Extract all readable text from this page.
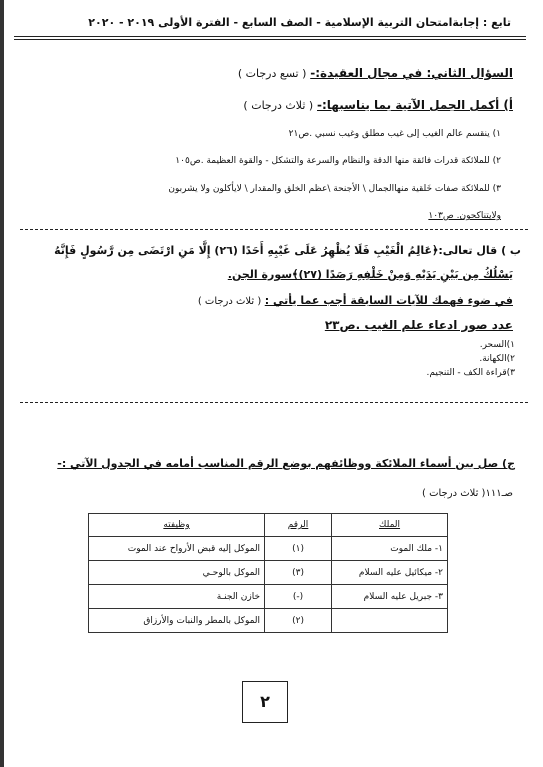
تابع : إجابةامتحان التربية الإسلامية - الصف السابع - الفترة الأولى ٢٠١٩ - ٢٠٢٠
السؤال الثاني: في مجال العقيدة:- ( تسع درجات )
أ) أكمل الجمل الآتية بما يناسبها:- ( ثلاث درجات )
١) ينقسم عالم الغيب إلى غيب مطلق وغيب نسبي .ص٢١
٢) للملائكة قدرات فائقة منها الدقة والنظام والسرعة والتشكل - والقوة العظيمة .ص١٠٥
٣) للملائكة صفات خَلقية منهاالجمال \ الأجنحة \عظم الخلق والمقدار \ لايأكلون ولا يشربون
ولايتناكحون. ص١٠٣
ب ) قال تعالى:﴿عَالِمُ الْغَيْبِ فَلَا يُظْهِرُ عَلَى غَيْبِهِ أَحَدًا (٢٦) إِلَّا مَنِ ارْتَضَى مِن رَّسُولٍ فَإِنَّهُ
يَسْلُكُ مِن بَيْنِ يَدَيْهِ وَمِنْ خَلْفِهِ رَصَدًا (٢٧)﴾سورة الجن.
في ضوء فهمك للآيات السابقة أجب عما يأتي : ( ثلاث درجات )
عدد صور ادعاء علم الغيب .ص٢٣
١)السحر.
٢)الكهانة.
٣)قراءة الكف - التنجيم.
ج) صل بين أسماء الملائكة ووظائفهم بوضع الرقم المناسب أمامه في الجدول الآتي :-
صـ١١١( ثلاث درجات )
الملك	الرقم	وظيفته
١- ملك الموت	(١)	الموكل إليه قبض الأرواح عند الموت
٢- ميكائيل عليه السلام	(٣)	الموكل بالوحـي
٣- جبريل عليه السلام	(-)	خازن الجنـة
	(٢)	الموكل بالمطر والنبات والأرزاق
٢
